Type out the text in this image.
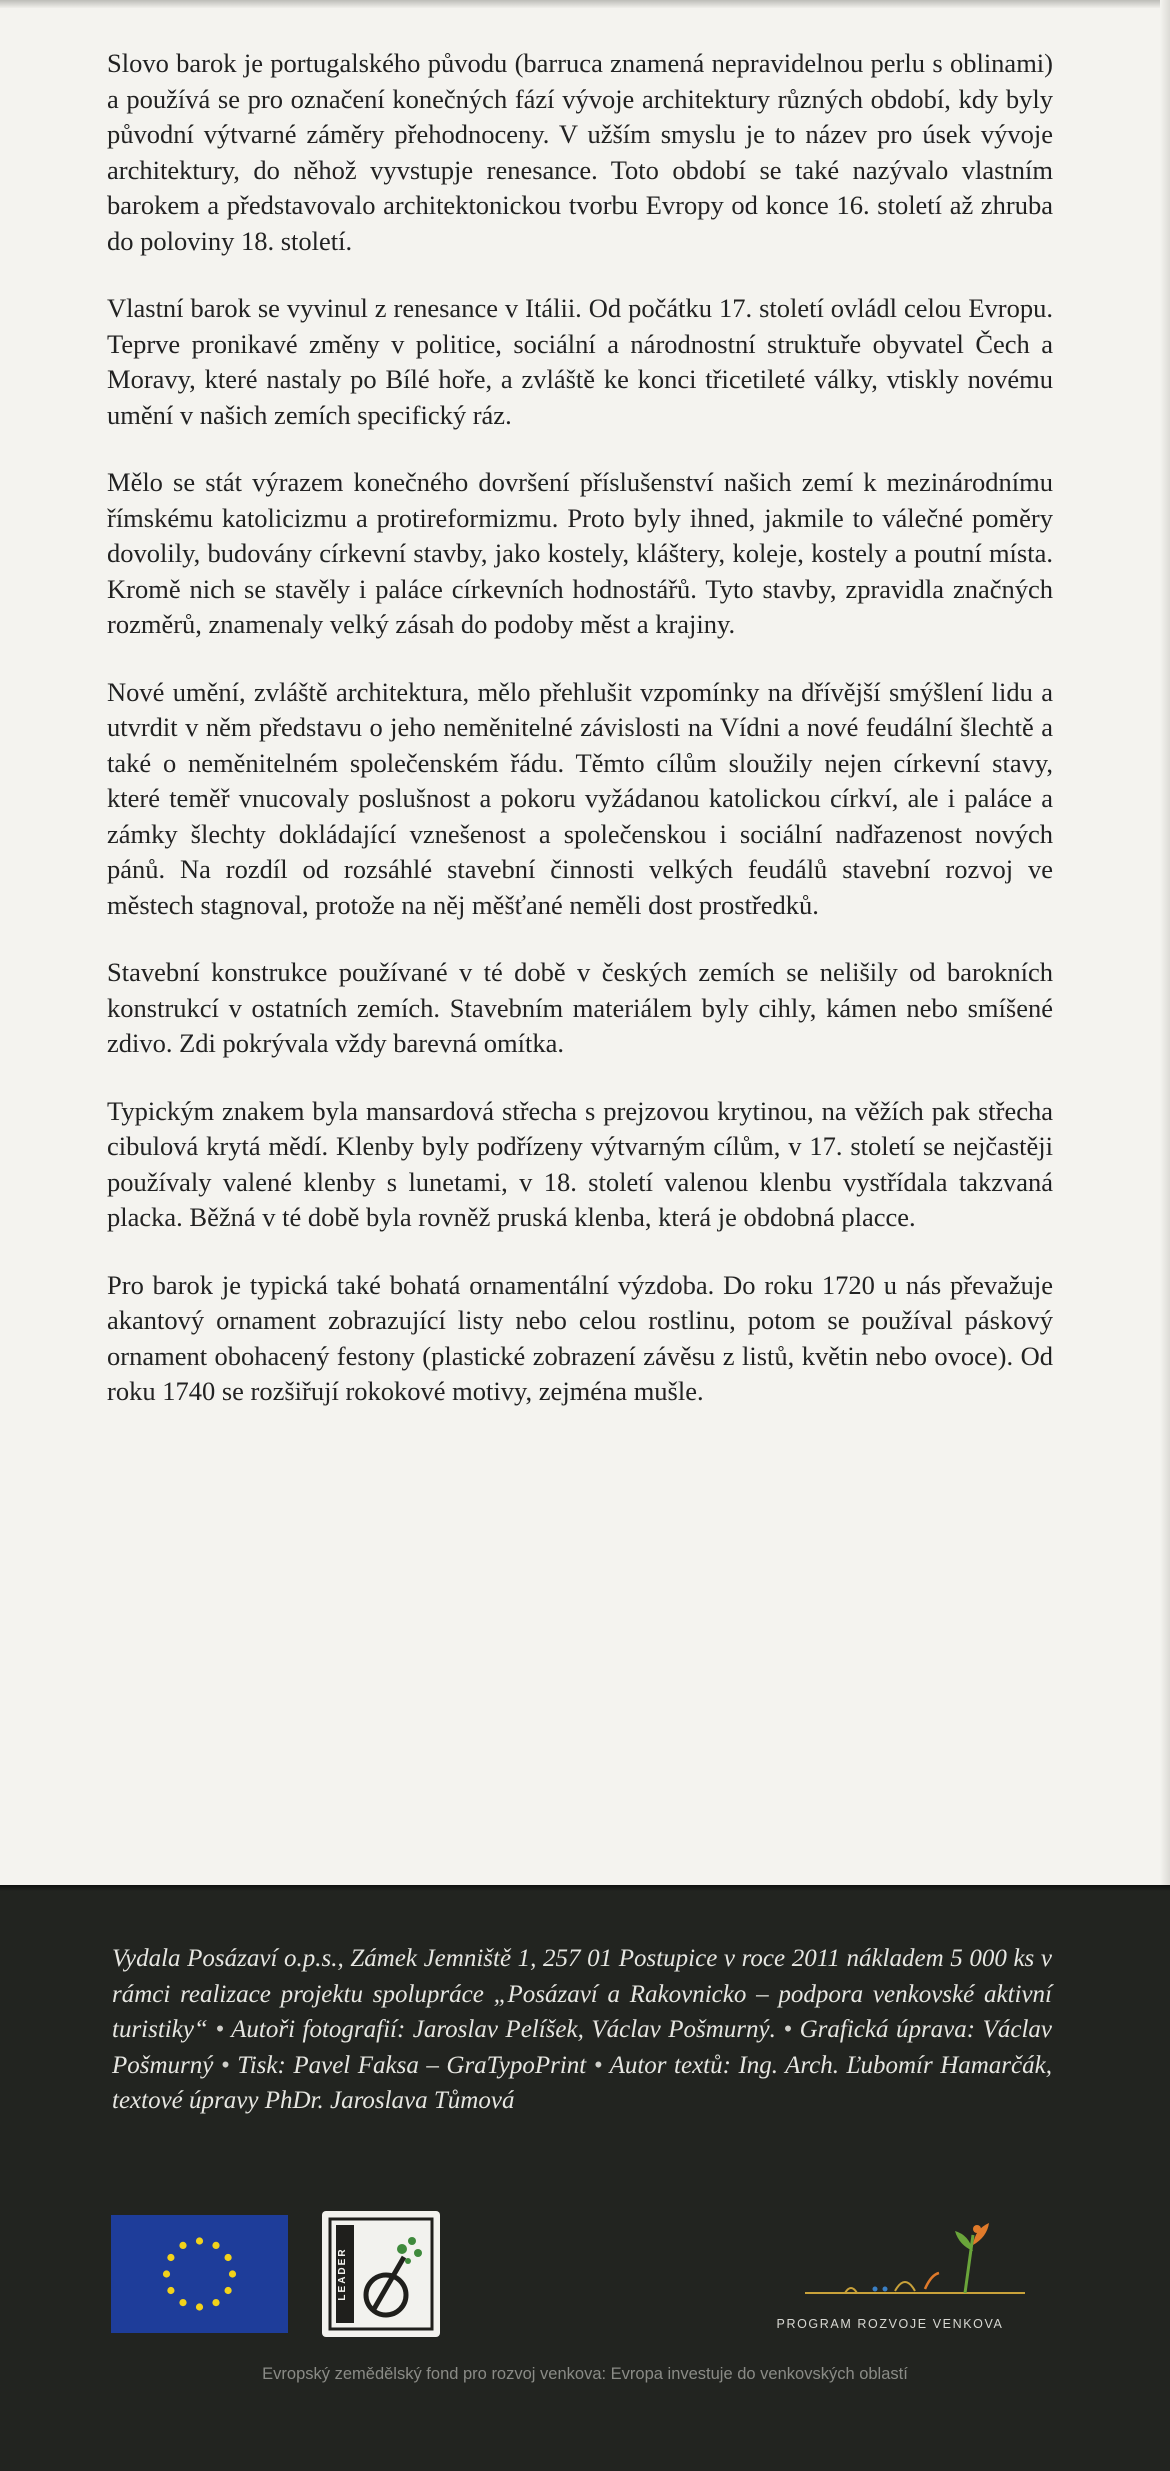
Slovo barok je portugalského původu (barruca znamená nepravidelnou perlu s oblinami) a používá se pro označení konečných fází vývoje architektury různých období, kdy byly původní výtvarné záměry přehodnoceny. V užším smyslu je to název pro úsek vývoje architektury, do něhož vyvstupje renesance. Toto období se také nazývalo vlastním barokem a představovalo architektonickou tvorbu Evropy od konce 16. století až zhruba do poloviny 18. století.

Vlastní barok se vyvinul z renesance v Itálii. Od počátku 17. století ovládl celou Evropu. Teprve pronikavé změny v politice, sociální a národnostní struktuře obyvatel Čech a Moravy, které nastaly po Bílé hoře, a zvláště ke konci třicetileté války, vtiskly novému umění v našich zemích specifický ráz.

Mělo se stát výrazem konečného dovršení příslušenství našich zemí k mezinárodnímu římskému katolicizmu a protireformizmu. Proto byly ihned, jakmile to válečné poměry dovolily, budovány církevní stavby, jako kostely, kláštery, koleje, kostely a poutní místa. Kromě nich se stavěly i paláce církevních hodnostářů. Tyto stavby, zpravidla značných rozměrů, znamenaly velký zásah do podoby měst a krajiny.

Nové umění, zvláště architektura, mělo přehlušit vzpomínky na dřívější smýšlení lidu a utvrdit v něm představu o jeho neměnitelné závislosti na Vídni a nové feudální šlechtě a také o neměnitelném společenském řádu. Těmto cílům sloužily nejen církevní stavy, které teměř vnucovaly poslušnost a pokoru vyžádanou katolickou církví, ale i paláce a zámky šlechty dokládající vznešenost a společenskou i sociální nadřazenost nových pánů. Na rozdíl od rozsáhlé stavební činnosti velkých feudálů stavební rozvoj ve městech stagnoval, protože na něj měšťané neměli dost prostředků.

Stavební konstrukce používané v té době v českých zemích se nelišily od barokních konstrukcí v ostatních zemích. Stavebním materiálem byly cihly, kámen nebo smíšené zdivo. Zdi pokrývala vždy barevná omítka.

Typickým znakem byla mansardová střecha s prejzovou krytinou, na věžích pak střecha cibulová krytá mědí. Klenby byly podřízeny výtvarným cílům, v 17. století se nejčastěji používaly valené klenby s lunetami, v 18. století valenou klenbu vystřídala takzvaná placka. Běžná v té době byla rovněž pruská klenba, která je obdobná placce.

Pro barok je typická také bohatá ornamentální výzdoba. Do roku 1720 u nás převažuje akantový ornament zobrazující listy nebo celou rostlinu, potom se používal páskový ornament obohacený festony (plastické zobrazení závěsu z listů, květin nebo ovoce). Od roku 1740 se rozšiřují rokokové motivy, zejména mušle.

Vydala Posázaví o.p.s., Zámek Jemniště 1, 257 01 Postupice v roce 2011 nákladem 5 000 ks v rámci realizace projektu spolupráce „Posázaví a Rakovnicko – podpora venkovské aktivní turistiky“ • Autoři fotografií: Jaroslav Pelíšek, Václav Pošmurný. • Grafická úprava: Václav Pošmurný • Tisk: Pavel Faksa – GraTypoPrint • Autor textů: Ing. Arch. Ľubomír Hamarčák, textové úpravy PhDr. Jaroslava Tůmová
LEADER
PROGRAM ROZVOJE VENKOVA
Evropský zemědělský fond pro rozvoj venkova: Evropa investuje do venkovských oblastí
